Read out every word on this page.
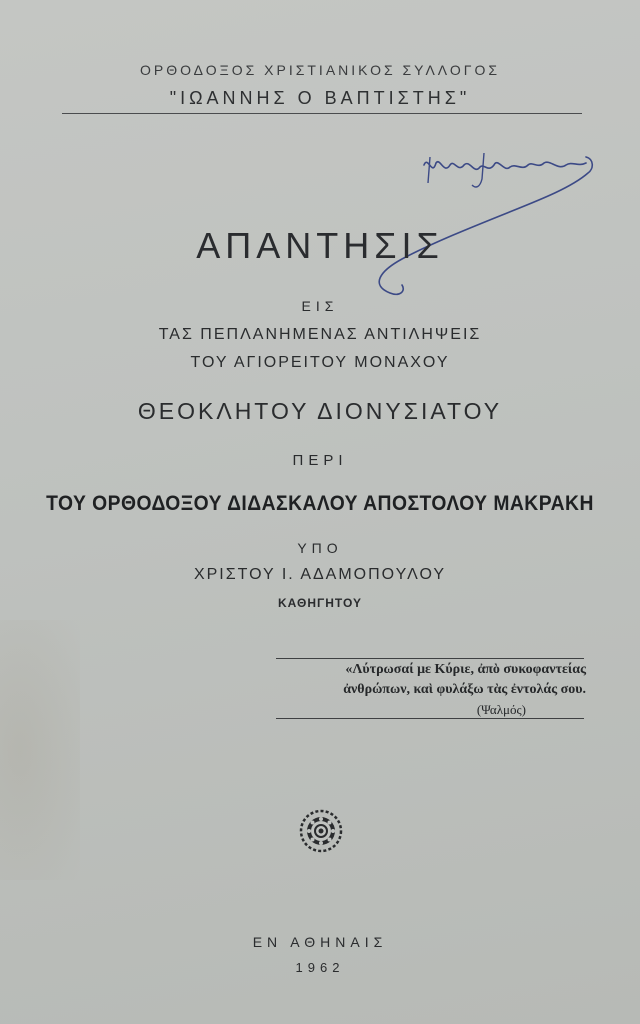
ΟΡΘΟΔΟΞΟΣ ΧΡΙΣΤΙΑΝΙΚΟΣ ΣΥΛΛΟΓΟΣ
"ΙΩΑΝΝΗΣ Ο ΒΑΠΤΙΣΤΗΣ"
ΑΠΑΝΤΗΣΙΣ
ΕΙΣ
ΤΑΣ ΠΕΠΛΑΝΗΜΕΝΑΣ ΑΝΤΙΛΗΨΕΙΣ
ΤΟΥ ΑΓΙΟΡΕΙΤΟΥ ΜΟΝΑΧΟΥ
ΘΕΟΚΛΗΤΟΥ ΔΙΟΝΥΣΙΑΤΟΥ
ΠΕΡΙ
ΤΟΥ ΟΡΘΟΔΟΞΟΥ ΔΙΔΑΣΚΑΛΟΥ ΑΠΟΣΤΟΛΟΥ ΜΑΚΡΑΚΗ
ΥΠΟ
ΧΡΙΣΤΟΥ Ι. ΑΔΑΜΟΠΟΥΛΟΥ
ΚΑΘΗΓΗΤΟΥ
«Λύτρωσαί με Κύριε, ἀπὸ συκοφαντείας
ἀνθρώπων, καὶ φυλάξω τὰς ἐντολάς σου.
(Ψαλμός)
ΕΝ ΑΘΗΝΑΙΣ
1962
